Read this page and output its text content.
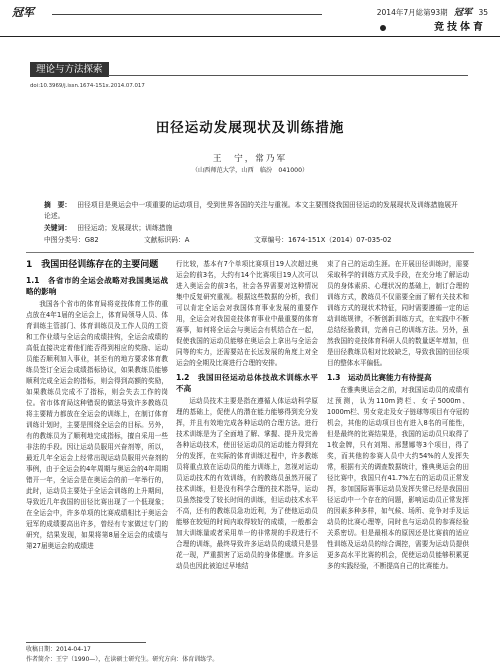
冠军	2014年7月総第93期 冠军 35
竞技体育
理论与方法探索
doi:10.3969/j.issn.1674-151x.2014.07.017
田径运动发展现状及训练措施
王　宁，常乃军
（山西师范大学，山西　临汾　041000）
摘　要： 田径项目是奥运会中一项重要的运动项目，受到世界各国的关注与重视。本文主要围绕我国田径运动的发展现状及训练措施展开论述。
关键词： 田径运动；发展现状；训练措施
中图分类号：G82	文献标识码：A	文章编号：1674-151X（2014）07-035-02
1　我国田径训练存在的主要问题
1.1　各省市的全运会战略对我国奥运战略的影响

我国各个省市的体育局将竞技体育工作的重点放在4年1届的全运会上，体育局领导人员、体育训练主管部门、体育训练员及工作人员的工资和工作业绩与全运会的成绩挂钩，全运会成绩的高低直接决定着他们能否得到相应的奖励、运动员能否顺利加入事业，甚至有的地方要求体育教练员签订全运会成绩指标协议，如果教练员能够顺利完成全运会的指标，则会得到高额的奖励，如果教练员完成不了指标，则会失去工作的岗位。省市体育局这种错误的做法导致许多教练员将主要精力都放在全运会的训练上，在制订体育训练计划时，主要是围绕全运会的目标。另外，有的教练员为了顺利地完成指标，擅自采用一些非法的手段。因让运动员服用兴奋剂等，所以，最近几年全运会上经常出现运动员服用兴奋剂的事例，由于全运会的4年周期与奥运会的4年周期错开一年，全运会是在奥运会的前一年举行的，此时，运动员主要处于全运会训练的上升期间，导致近几年我国的田径比赛出现了一个低现象；在全运会中，许多单项的比赛成绩相比于奥运会冠军的成绩要高出许多，曾经有专家做过专门的研究，结果发现，如果将第8届全运会的成绩与第27届奥运会的成绩进

行比较，基本有7个单项比赛项目19人次超过奥运会的前3名，大约有14个比赛项目19人次可以进入奥运会的前3名，社会各界需要对这种情况集中反复研究重视。根据这些数据的分析，我们可以肯定全运会对我国体育事业发展的重要作用，全运会对我国竞技体育事业中最重要的体育赛事，如何将全运会与奥运会有机结合在一起，促使我国的运动员能够在奥运会上拿出与全运会同等的实力，还需要站在长远发展的角度上对全运会的全期及比赛进行合理的安排。

1.2　我国田径运动总体技战术训练水平不高

运动员技术主要是指在遵循人体运动科学原理的基础上，促使人的潜在能力能够得到充分发挥，并且有效地完成各种运动的合理方法。进行技术训练是为了全面地了解、掌握、提升及完善各种运动技术，使田径运动员的运动能力得到充分的发挥，在实际的体育训练过程中，许多教练员将重点放在运动员的能力训练上，忽视对运动员运动技术的有效训练，有的教练员虽然开展了技术训练，但是没有科学合理的技术指导，运动员虽然接受了较长时间的训练，但运动技术水平不高，还有的教练员急功近利，为了使他运动员能够在较短的时间内取得较好的成绩，一般都会加大训练量或者采用单一的非常规的手段进行不合理的训练，最终导致许多运动员的成绩只是昙花一现，严重损害了运动员的身体健康。许多运动员也因此被迫过早地结

束了自己的运动生涯。在开展田径训练时，需要采取科学的训练方式及手段，在充分地了解运动员的身体素质、心理状况的基础上，制订合理的训练方式，教练员不仅需要全面了解有关技术和训练方式的现状术特征，同时需要遵循一定的运动训练规律，不断创新训练方式，在实践中不断总结经验教训，完善自己的训练方法。另外，虽然我国的竞技体育科研人员的数量逐年增加，但是田径教练员相对比较缺乏，导致我国的田径项目的整体水平偏低。

1.3　运动员比赛能力有待提高

在雅典奥运会之前，对我国运动员的成绩有过预测，认为110m跨栏、女子5000m、1000m栏、男女竞走及女子链球等项目有夺冠的机会，其他的运动项目也有进入8名的可能性，但是最终的比赛结果是，我国的运动员只取得了1枚金牌，只有刘翔、邢慧娜等3个项目，得了奖，而其他的参赛人员中大约54%的人发挥失常，根据有关的调查数据统计，雅典奥运会的田径比赛中，我国只有41.7%左右的运动员正常发挥，参加国际赛事运动员发挥失常已经是我国田径运动中一个存在的问题，影响运动员正常发挥的因素多种多样，如气候、场所、竞争对手及运动员的比赛心理等，同时也与运动员的参赛经验关系密切。但是最根本的原因还是比赛前的适应性训练及运动员的综合调控，需要为运动员提供更多高水平比赛的机会，促使运动员能够积累更多的实践经验，不断提高自己的比赛能力。

收稿日期：2014-04-17
作者简介：王宁（1990—），在读硕士研究生。研究方向：体育训练学。
